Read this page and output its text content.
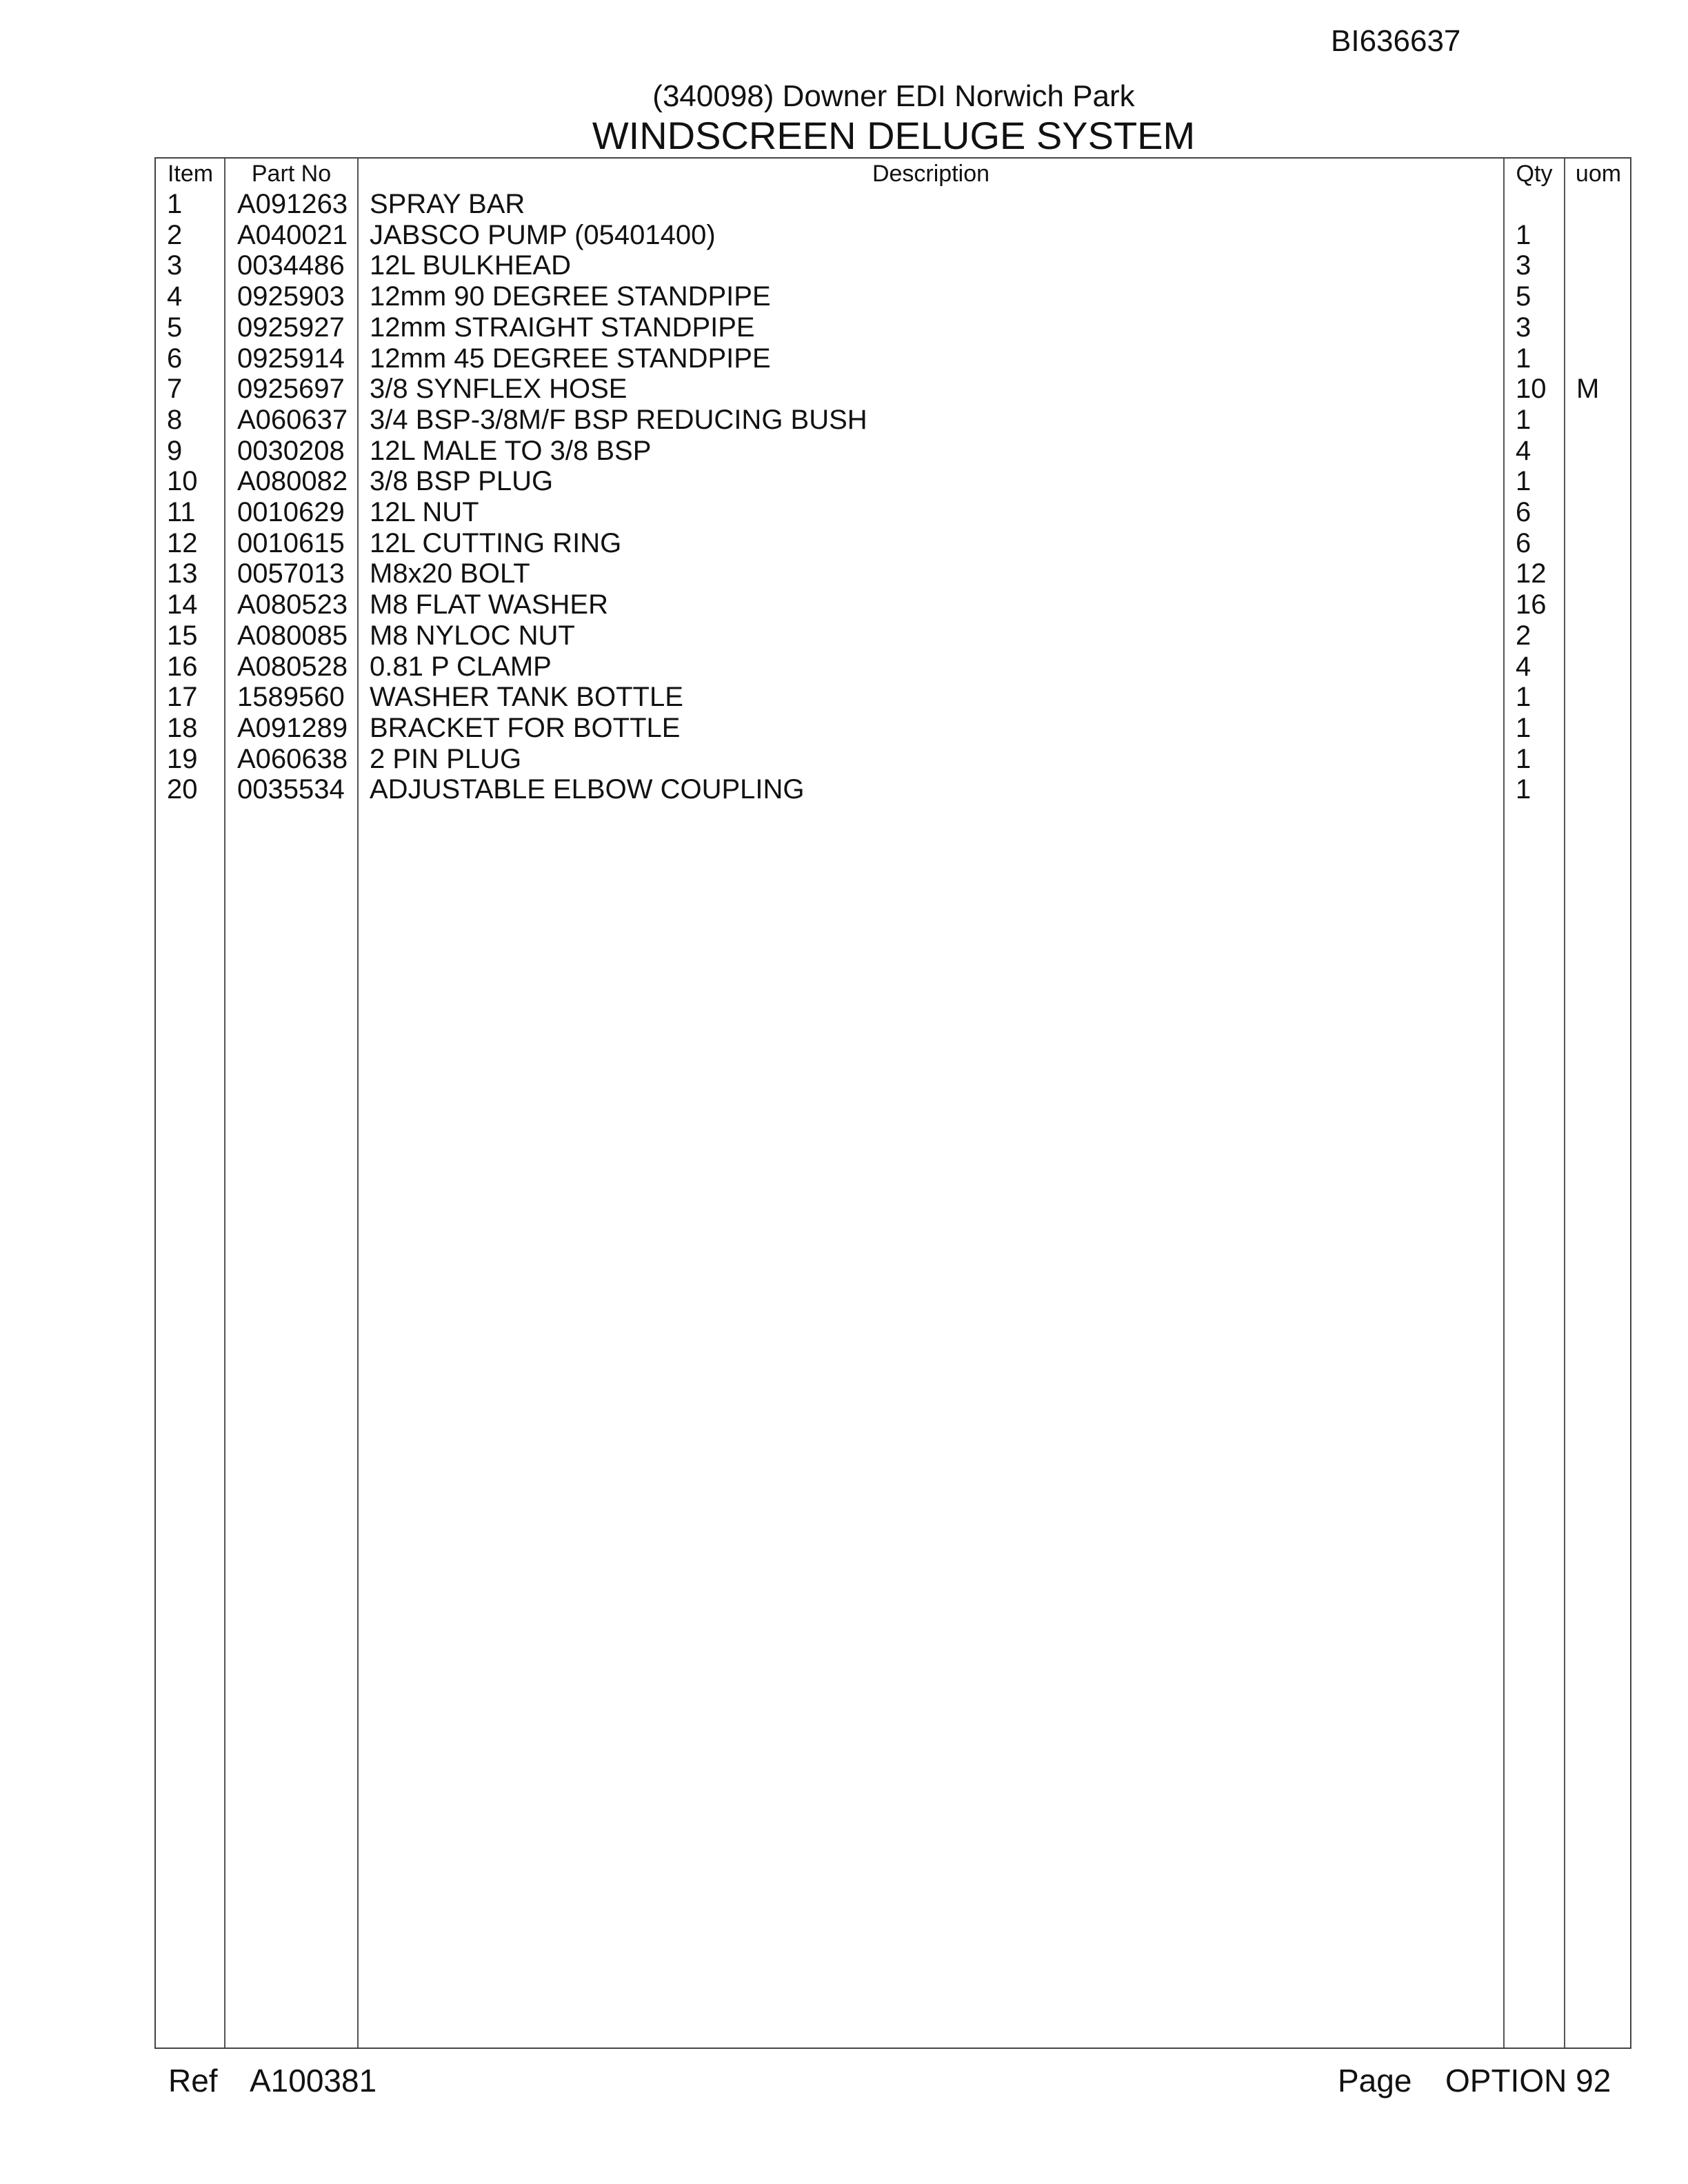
BI636637
(340098) Downer EDI Norwich Park
WINDSCREEN DELUGE SYSTEM
Item	Part No	Description	Qty uom
1 A091263 SPRAY BAR
2 A040021 JABSCO PUMP (05401400)	1
3 0034486 12L BULKHEAD	3
4 0925903 12mm 90 DEGREE STANDPIPE	5
5 0925927 12mm STRAIGHT STANDPIPE	3
6 0925914 12mm 45 DEGREE STANDPIPE	1
7 0925697 3/8 SYNFLEX HOSE	10 M
8 A060637 3/4 BSP-3/8M/F BSP REDUCING BUSH	1
9 0030208 12L MALE TO 3/8 BSP	4
10 A080082 3/8 BSP PLUG	1
11 0010629 12L NUT	6
12 0010615 12L CUTTING RING	6
13 0057013 M8x20 BOLT	12
14 A080523 M8 FLAT WASHER	16
15 A080085 M8 NYLOC NUT	2
16 A080528 0.81 P CLAMP	4
17 1589560 WASHER TANK BOTTLE	1
18 A091289 BRACKET FOR BOTTLE	1
19 A060638 2 PIN PLUG	1
20 0035534 ADJUSTABLE ELBOW COUPLING	1
Ref A100381	Page OPTION 92
